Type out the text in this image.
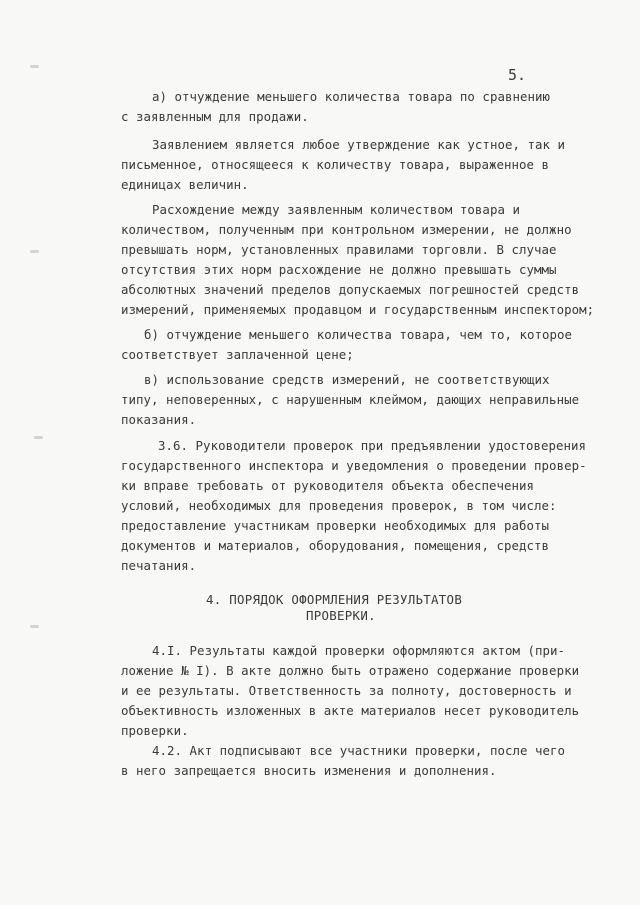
5.
а) отчуждение меньшего количества товара по сравнению
с заявленным для продажи.
Заявлением является любое утверждение как устное, так и
письменное, относящееся к количеству товара, выраженное в
единицах величин.
Расхождение между заявленным количеством товара и
количеством, полученным при контрольном измерении, не должно
превышать норм, установленных правилами торговли. В случае
отсутствия этих норм расхождение не должно превышать суммы
абсолютных значений пределов допускаемых погрешностей средств
измерений, применяемых продавцом и государственным инспектором;
б) отчуждение меньшего количества товара, чем то, которое
соответствует заплаченной цене;
в) использование средств измерений, не соответствующих
типу, неповеренных, с нарушенным клеймом, дающих неправильные
показания.
3.6. Руководители проверок при предъявлении удостоверения
государственного инспектора и уведомления о проведении провер-
ки вправе требовать от руководителя объекта обеспечения
условий, необходимых для проведения проверок, в том числе:
предоставление участникам проверки необходимых для работы
документов и материалов, оборудования, помещения, средств
печатания.
4. ПОРЯДОК ОФОРМЛЕНИЯ РЕЗУЛЬТАТОВ
ПРОВЕРКИ.
4.I. Результаты каждой проверки оформляются актом (при-
ложение № I). В акте должно быть отражено содержание проверки
и ее результаты. Ответственность за полноту, достоверность и
объективность изложенных в акте материалов несет руководитель
проверки.
4.2. Акт подписывают все участники проверки, после чего
в него запрещается вносить изменения и дополнения.
